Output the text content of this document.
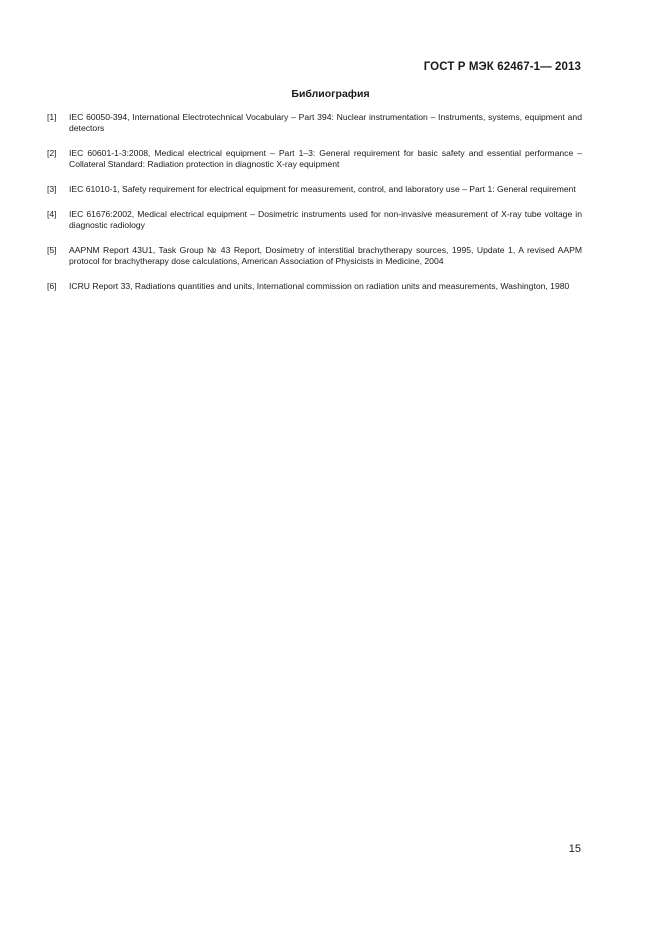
ГОСТ Р МЭК 62467-1— 2013
Библиография
[1]	IEC 60050-394, International Electrotechnical Vocabulary – Part 394: Nuclear instrumentation – Instruments, systems, equipment and detectors
[2]	IEC 60601-1-3:2008, Medical electrical equipment – Part 1–3: General requirement for basic safety and essential performance – Collateral Standard: Radiation protection in diagnostic X-ray equipment
[3]	IEC 61010-1, Safety requirement for electrical equipment for measurement, control, and laboratory use – Part 1: General requirement
[4]	IEC 61676:2002, Medical electrical equipment – Dosimetric instruments used for non-invasive measurement of X-ray tube voltage in diagnostic radiology
[5]	AAPNM Report 43U1, Task Group № 43 Report, Dosimetry of interstitial brachytherapy sources, 1995, Update 1, A revised AAPM protocol for brachytherapy dose calculations, American Association of Physicists in Medicine, 2004
[6]	ICRU Report 33, Radiations quantities and units, International commission on radiation units and measurements, Washington, 1980
15
